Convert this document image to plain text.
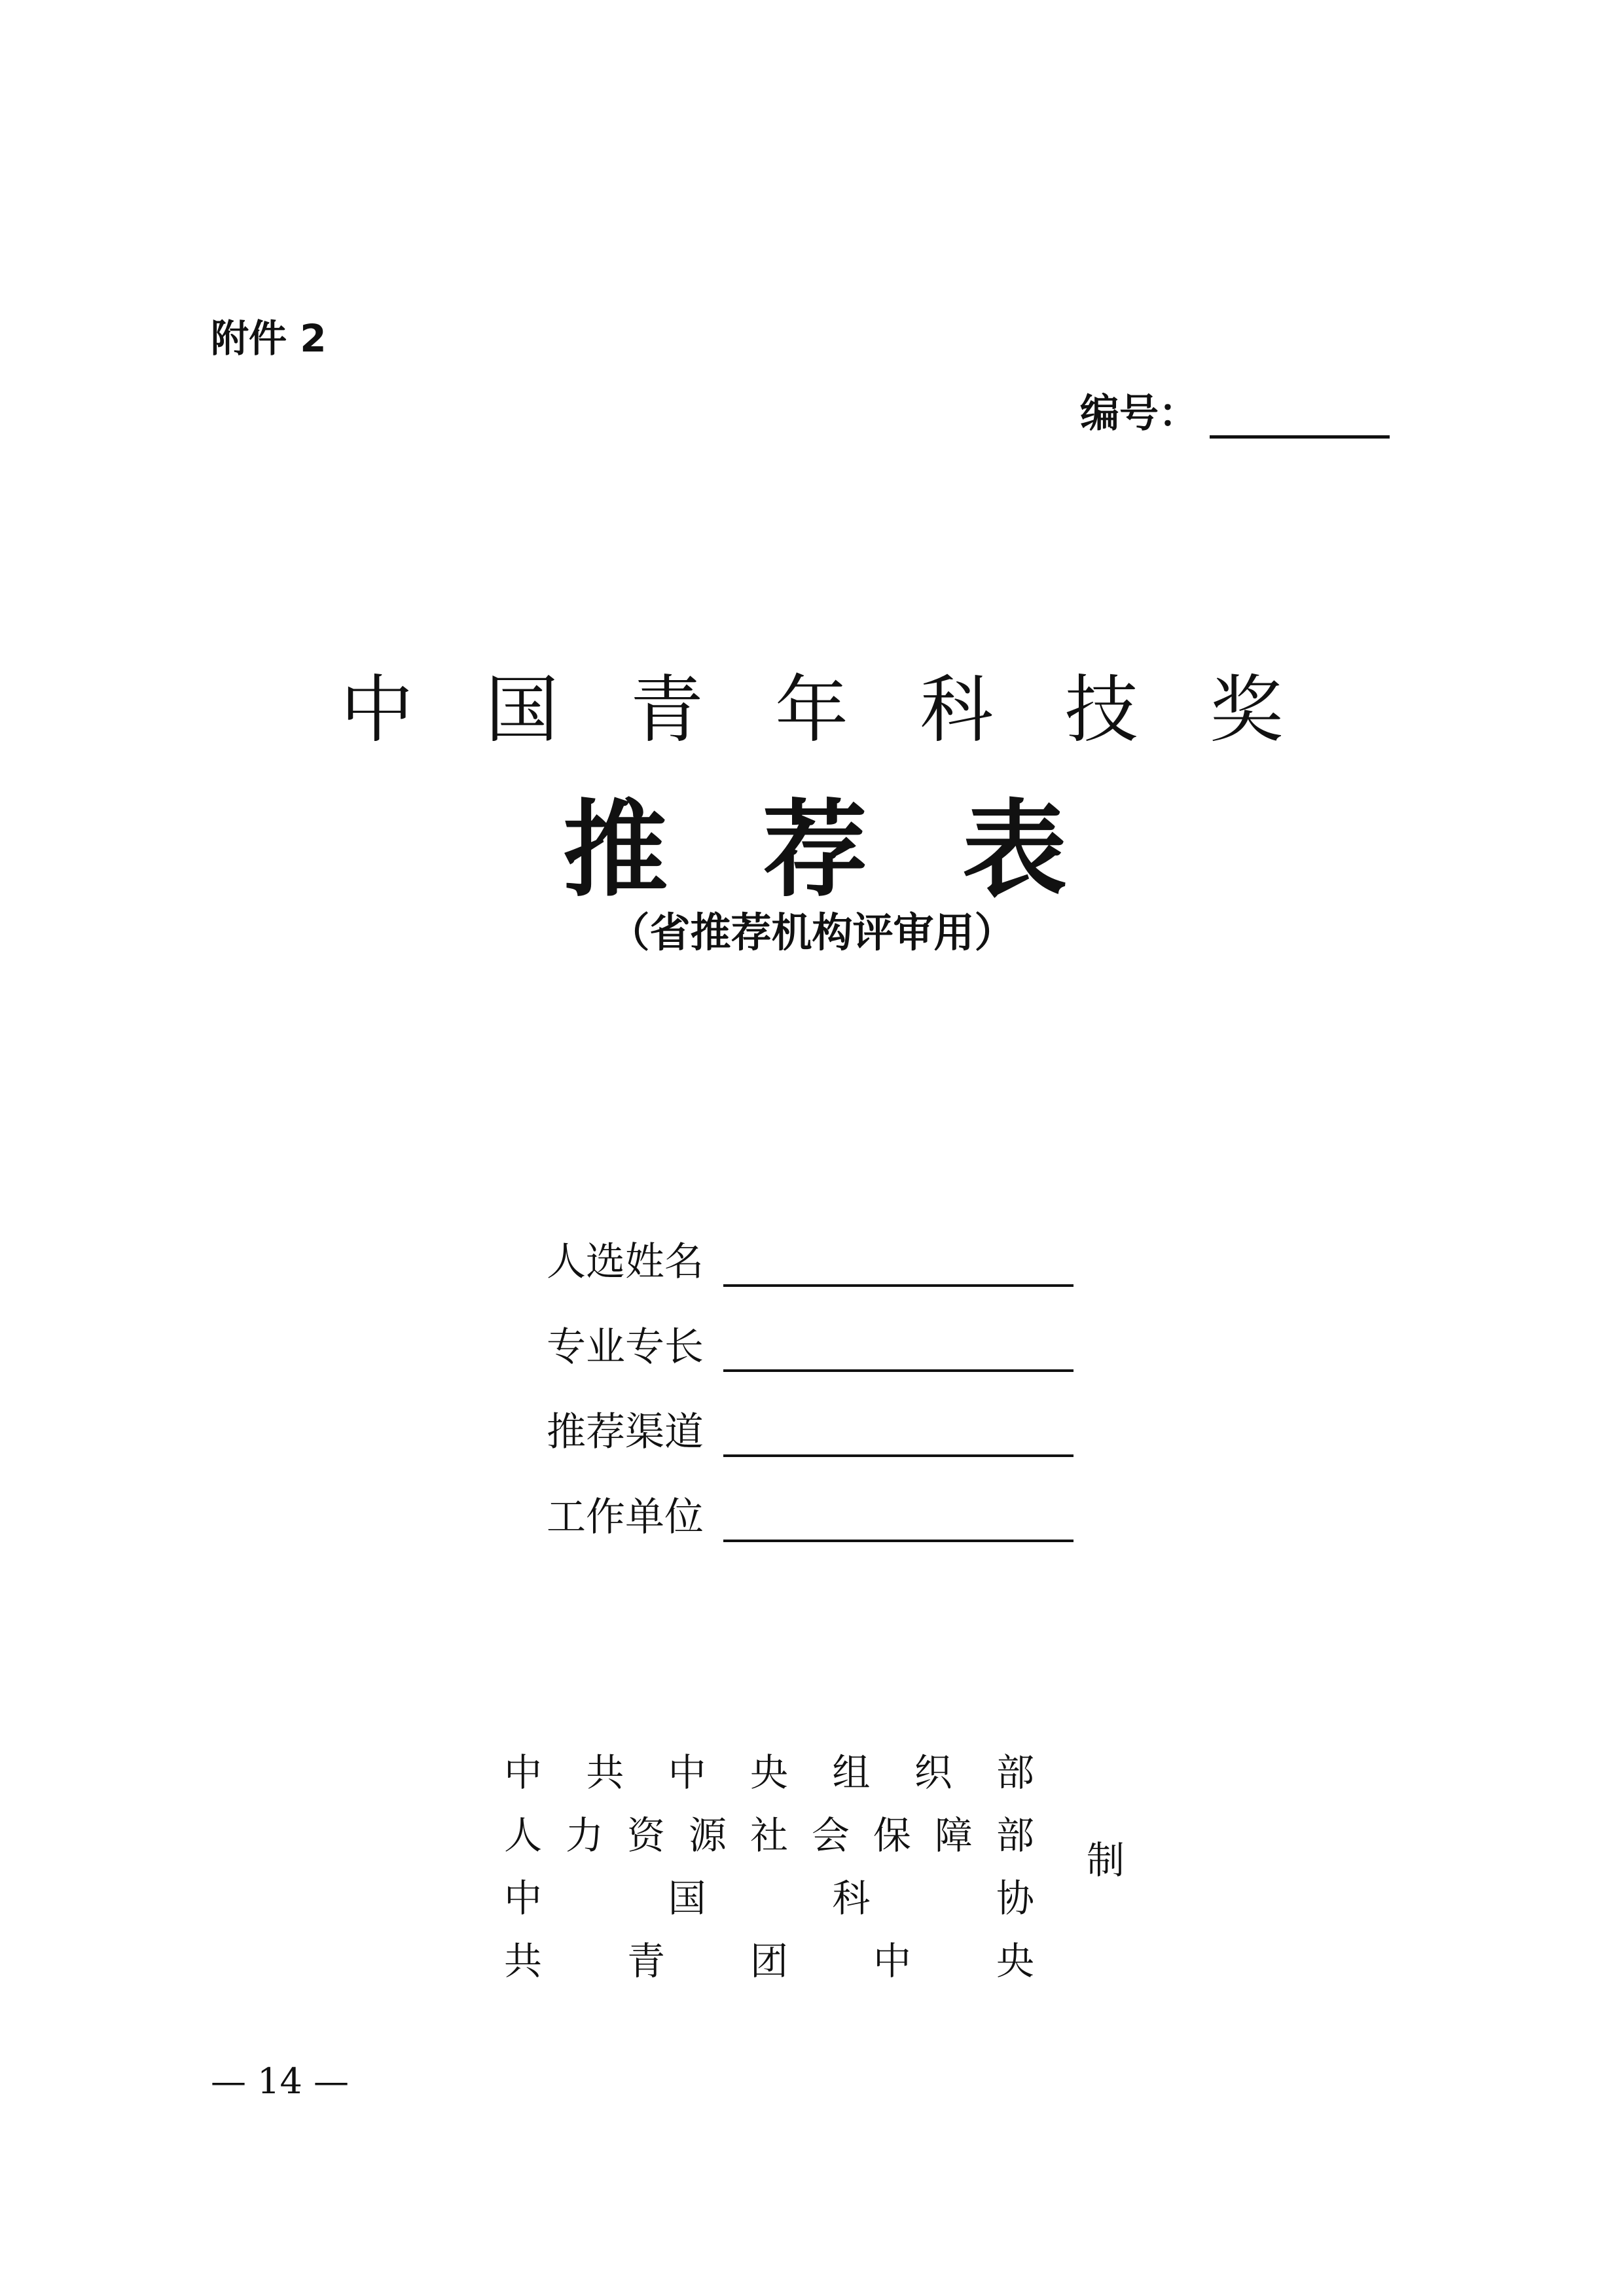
附件 2
编号：
中 国 青 年 科 技 奖
推 荐 表
（省推荐机构评审用）
人选姓名
专业专长
推荐渠道
工作单位
中 共 中 央 组 织 部
人 力 资 源 社 会 保 障 部
中	国	科	协
共 青 团 中 央
制
— 14 —
